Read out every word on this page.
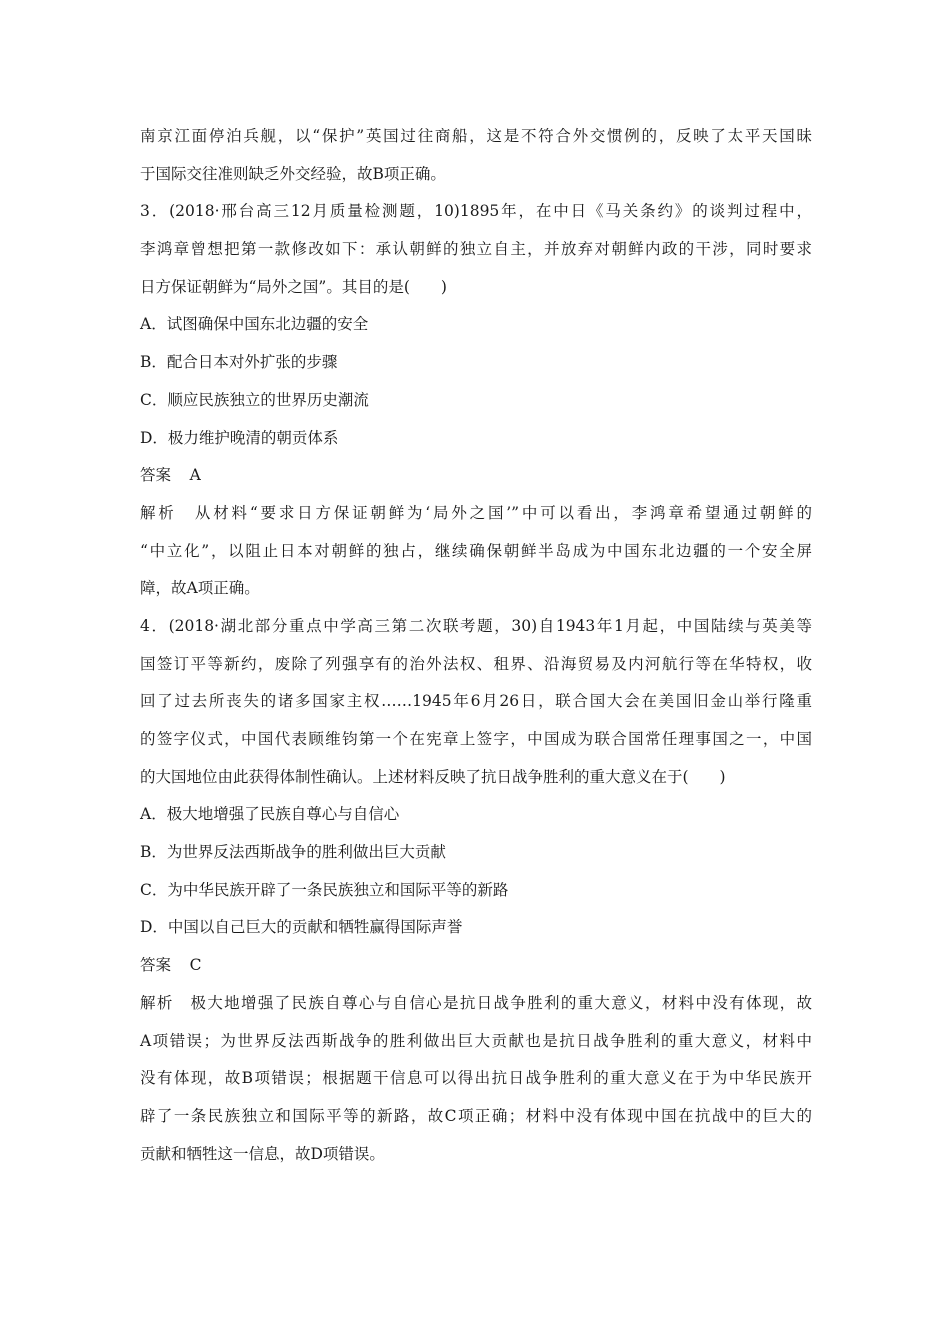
南京江面停泊兵舰，以“保护”英国过往商船，这是不符合外交惯例的，反映了太平天国昧
于国际交往准则缺乏外交经验，故B项正确。
3．(2018·邢台高三12月质量检测题，10)1895年，在中日《马关条约》的谈判过程中，
李鸿章曾想把第一款修改如下：承认朝鲜的独立自主，并放弃对朝鲜内政的干涉，同时要求
日方保证朝鲜为“局外之国”。其目的是(　　)
A．试图确保中国东北边疆的安全
B．配合日本对外扩张的步骤
C．顺应民族独立的世界历史潮流
D．极力维护晚清的朝贡体系
答案 A
解析　从材料“要求日方保证朝鲜为‘局外之国’”中可以看出，李鸿章希望通过朝鲜的
“中立化”，以阻止日本对朝鲜的独占，继续确保朝鲜半岛成为中国东北边疆的一个安全屏
障，故A项正确。
4．(2018·湖北部分重点中学高三第二次联考题，30)自1943年1月起，中国陆续与英美等
国签订平等新约，废除了列强享有的治外法权、租界、沿海贸易及内河航行等在华特权，收
回了过去所丧失的诸多国家主权……1945年6月26日，联合国大会在美国旧金山举行隆重
的签字仪式，中国代表顾维钧第一个在宪章上签字，中国成为联合国常任理事国之一，中国
的大国地位由此获得体制性确认。上述材料反映了抗日战争胜利的重大意义在于(　　)
A．极大地增强了民族自尊心与自信心
B．为世界反法西斯战争的胜利做出巨大贡献
C．为中华民族开辟了一条民族独立和国际平等的新路
D．中国以自己巨大的贡献和牺牲赢得国际声誉
答案 C
解析　极大地增强了民族自尊心与自信心是抗日战争胜利的重大意义，材料中没有体现，故
A项错误；为世界反法西斯战争的胜利做出巨大贡献也是抗日战争胜利的重大意义，材料中
没有体现，故B项错误；根据题干信息可以得出抗日战争胜利的重大意义在于为中华民族开
辟了一条民族独立和国际平等的新路，故C项正确；材料中没有体现中国在抗战中的巨大的
贡献和牺牲这一信息，故D项错误。
